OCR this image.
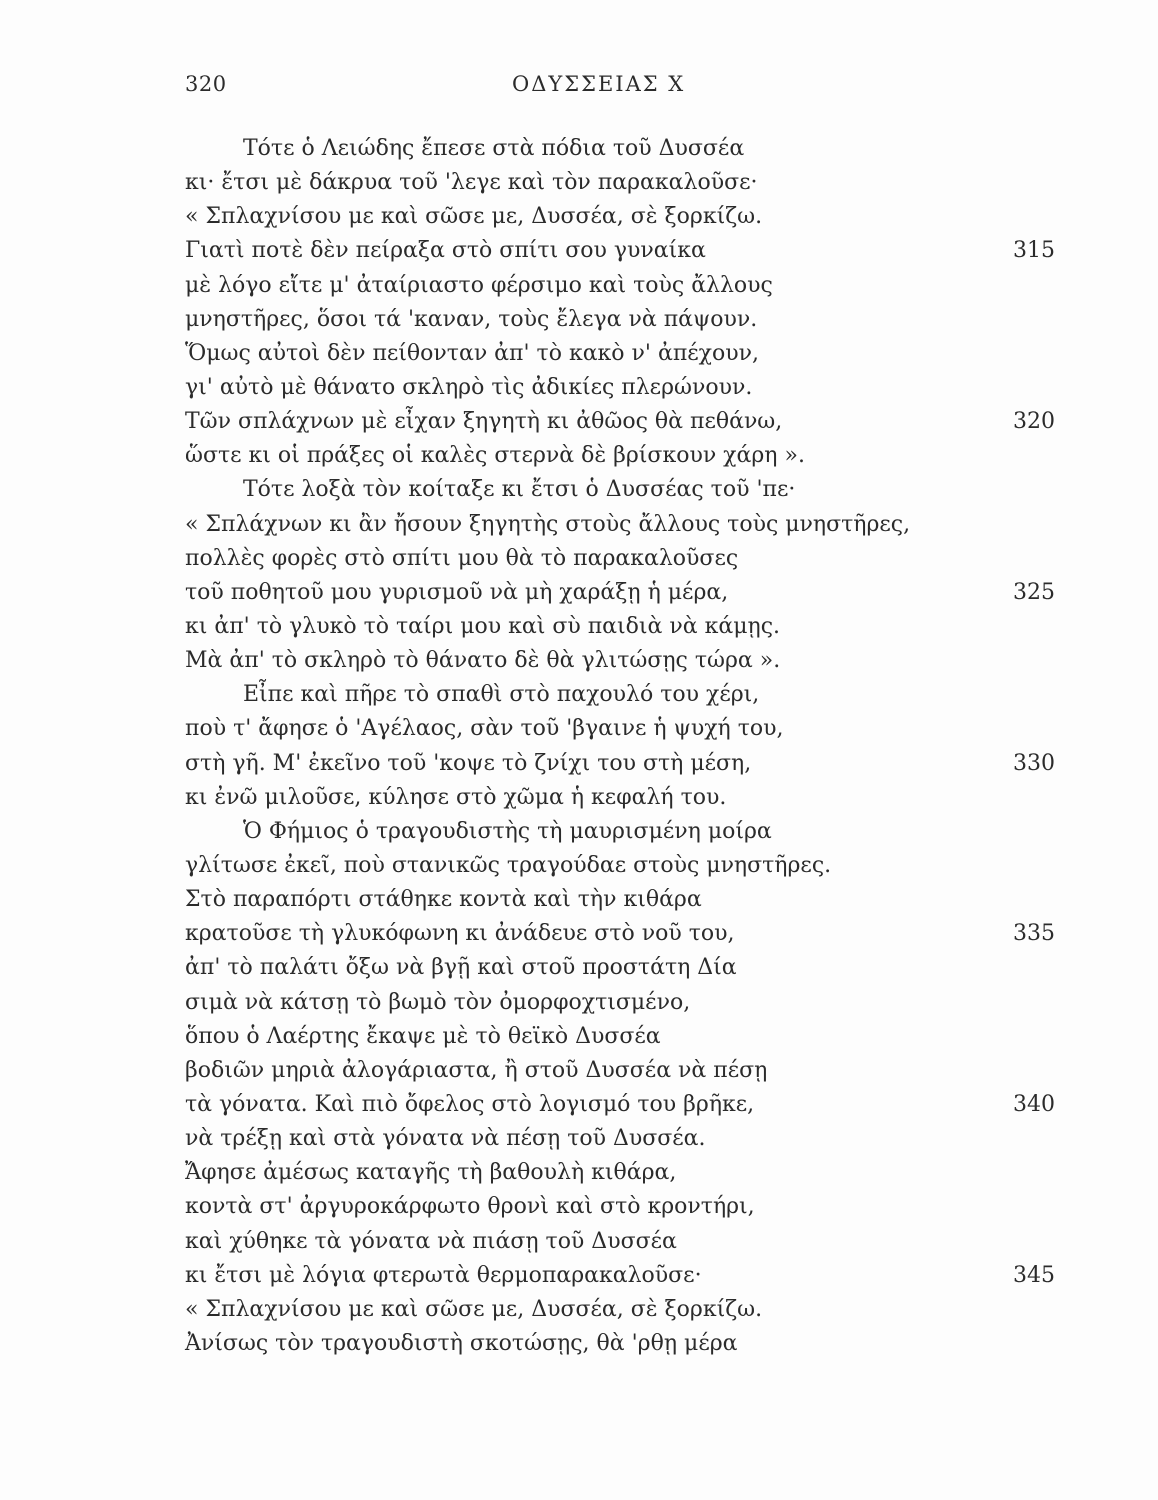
320	ΟΔΥΣΣΕΙΑΣ Χ
Τότε ὁ Λειώδης ἔπεσε στὰ πόδια τοῦ Δυσσέα
κι· ἔτσι μὲ δάκρυα τοῦ 'λεγε καὶ τὸν παρακαλοῦσε·
« Σπλαχνίσου με καὶ σῶσε με, Δυσσέα, σὲ ξορκίζω.
Γιατὶ ποτὲ δὲν πείραξα στὸ σπίτι σου γυναίκα	315
μὲ λόγο εἴτε μ' ἀταίριαστο φέρσιμο καὶ τοὺς ἄλλους
μνηστῆρες, ὅσοι τά 'καναν, τοὺς ἔλεγα νὰ πάψουν.
Ὅμως αὐτοὶ δὲν πείθονταν ἀπ' τὸ κακὸ ν' ἀπέχουν,
γι' αὐτὸ μὲ θάνατο σκληρὸ τὶς ἀδικίες πλερώνουν.
Τῶν σπλάχνων μὲ εἶχαν ξηγητὴ κι ἀθῶος θὰ πεθάνω,	320
ὥστε κι οἱ πράξες οἱ καλὲς στερνὰ δὲ βρίσκουν χάρη ».
Τότε λοξὰ τὸν κοίταξε κι ἔτσι ὁ Δυσσέας τοῦ 'πε·
« Σπλάχνων κι ἂν ἤσουν ξηγητὴς στοὺς ἄλλους τοὺς μνηστῆρες,
πολλὲς φορὲς στὸ σπίτι μου θὰ τὸ παρακαλοῦσες
τοῦ ποθητοῦ μου γυρισμοῦ νὰ μὴ χαράξῃ ἡ μέρα,	325
κι ἀπ' τὸ γλυκὸ τὸ ταίρι μου καὶ σὺ παιδιὰ νὰ κάμῃς.
Μὰ ἀπ' τὸ σκληρὸ τὸ θάνατο δὲ θὰ γλιτώσῃς τώρα ».
Εἶπε καὶ πῆρε τὸ σπαθὶ στὸ παχουλό του χέρι,
ποὺ τ' ἄφησε ὁ 'Αγέλαος, σὰν τοῦ 'βγαινε ἡ ψυχή του,
στὴ γῆ. Μ' ἐκεῖνο τοῦ 'κοψε τὸ ζνίχι του στὴ μέση,	330
κι ἐνῶ μιλοῦσε, κύλησε στὸ χῶμα ἡ κεφαλή του.
Ὁ Φήμιος ὁ τραγουδιστὴς τὴ μαυρισμένη μοίρα
γλίτωσε ἐκεῖ, ποὺ στανικῶς τραγούδαε στοὺς μνηστῆρες.
Στὸ παραπόρτι στάθηκε κοντὰ καὶ τὴν κιθάρα
κρατοῦσε τὴ γλυκόφωνη κι ἀνάδευε στὸ νοῦ του,	335
ἀπ' τὸ παλάτι ὄξω νὰ βγῇ καὶ στοῦ προστάτη Δία
σιμὰ νὰ κάτσῃ τὸ βωμὸ τὸν ὀμορφοχτισμένο,
ὅπου ὁ Λαέρτης ἔκαψε μὲ τὸ θεϊκὸ Δυσσέα
βοδιῶν μηριὰ ἀλογάριαστα, ἢ στοῦ Δυσσέα νὰ πέσῃ
τὰ γόνατα. Καὶ πιὸ ὄφελος στὸ λογισμό του βρῆκε,	340
νὰ τρέξῃ καὶ στὰ γόνατα νὰ πέσῃ τοῦ Δυσσέα.
Ἄφησε ἀμέσως καταγῆς τὴ βαθουλὴ κιθάρα,
κοντὰ στ' ἀργυροκάρφωτο θρονὶ καὶ στὸ κροντήρι,
καὶ χύθηκε τὰ γόνατα νὰ πιάσῃ τοῦ Δυσσέα
κι ἔτσι μὲ λόγια φτερωτὰ θερμοπαρακαλοῦσε·	345
« Σπλαχνίσου με καὶ σῶσε με, Δυσσέα, σὲ ξορκίζω.
Ἀνίσως τὸν τραγουδιστὴ σκοτώσῃς, θὰ 'ρθῃ μέρα
